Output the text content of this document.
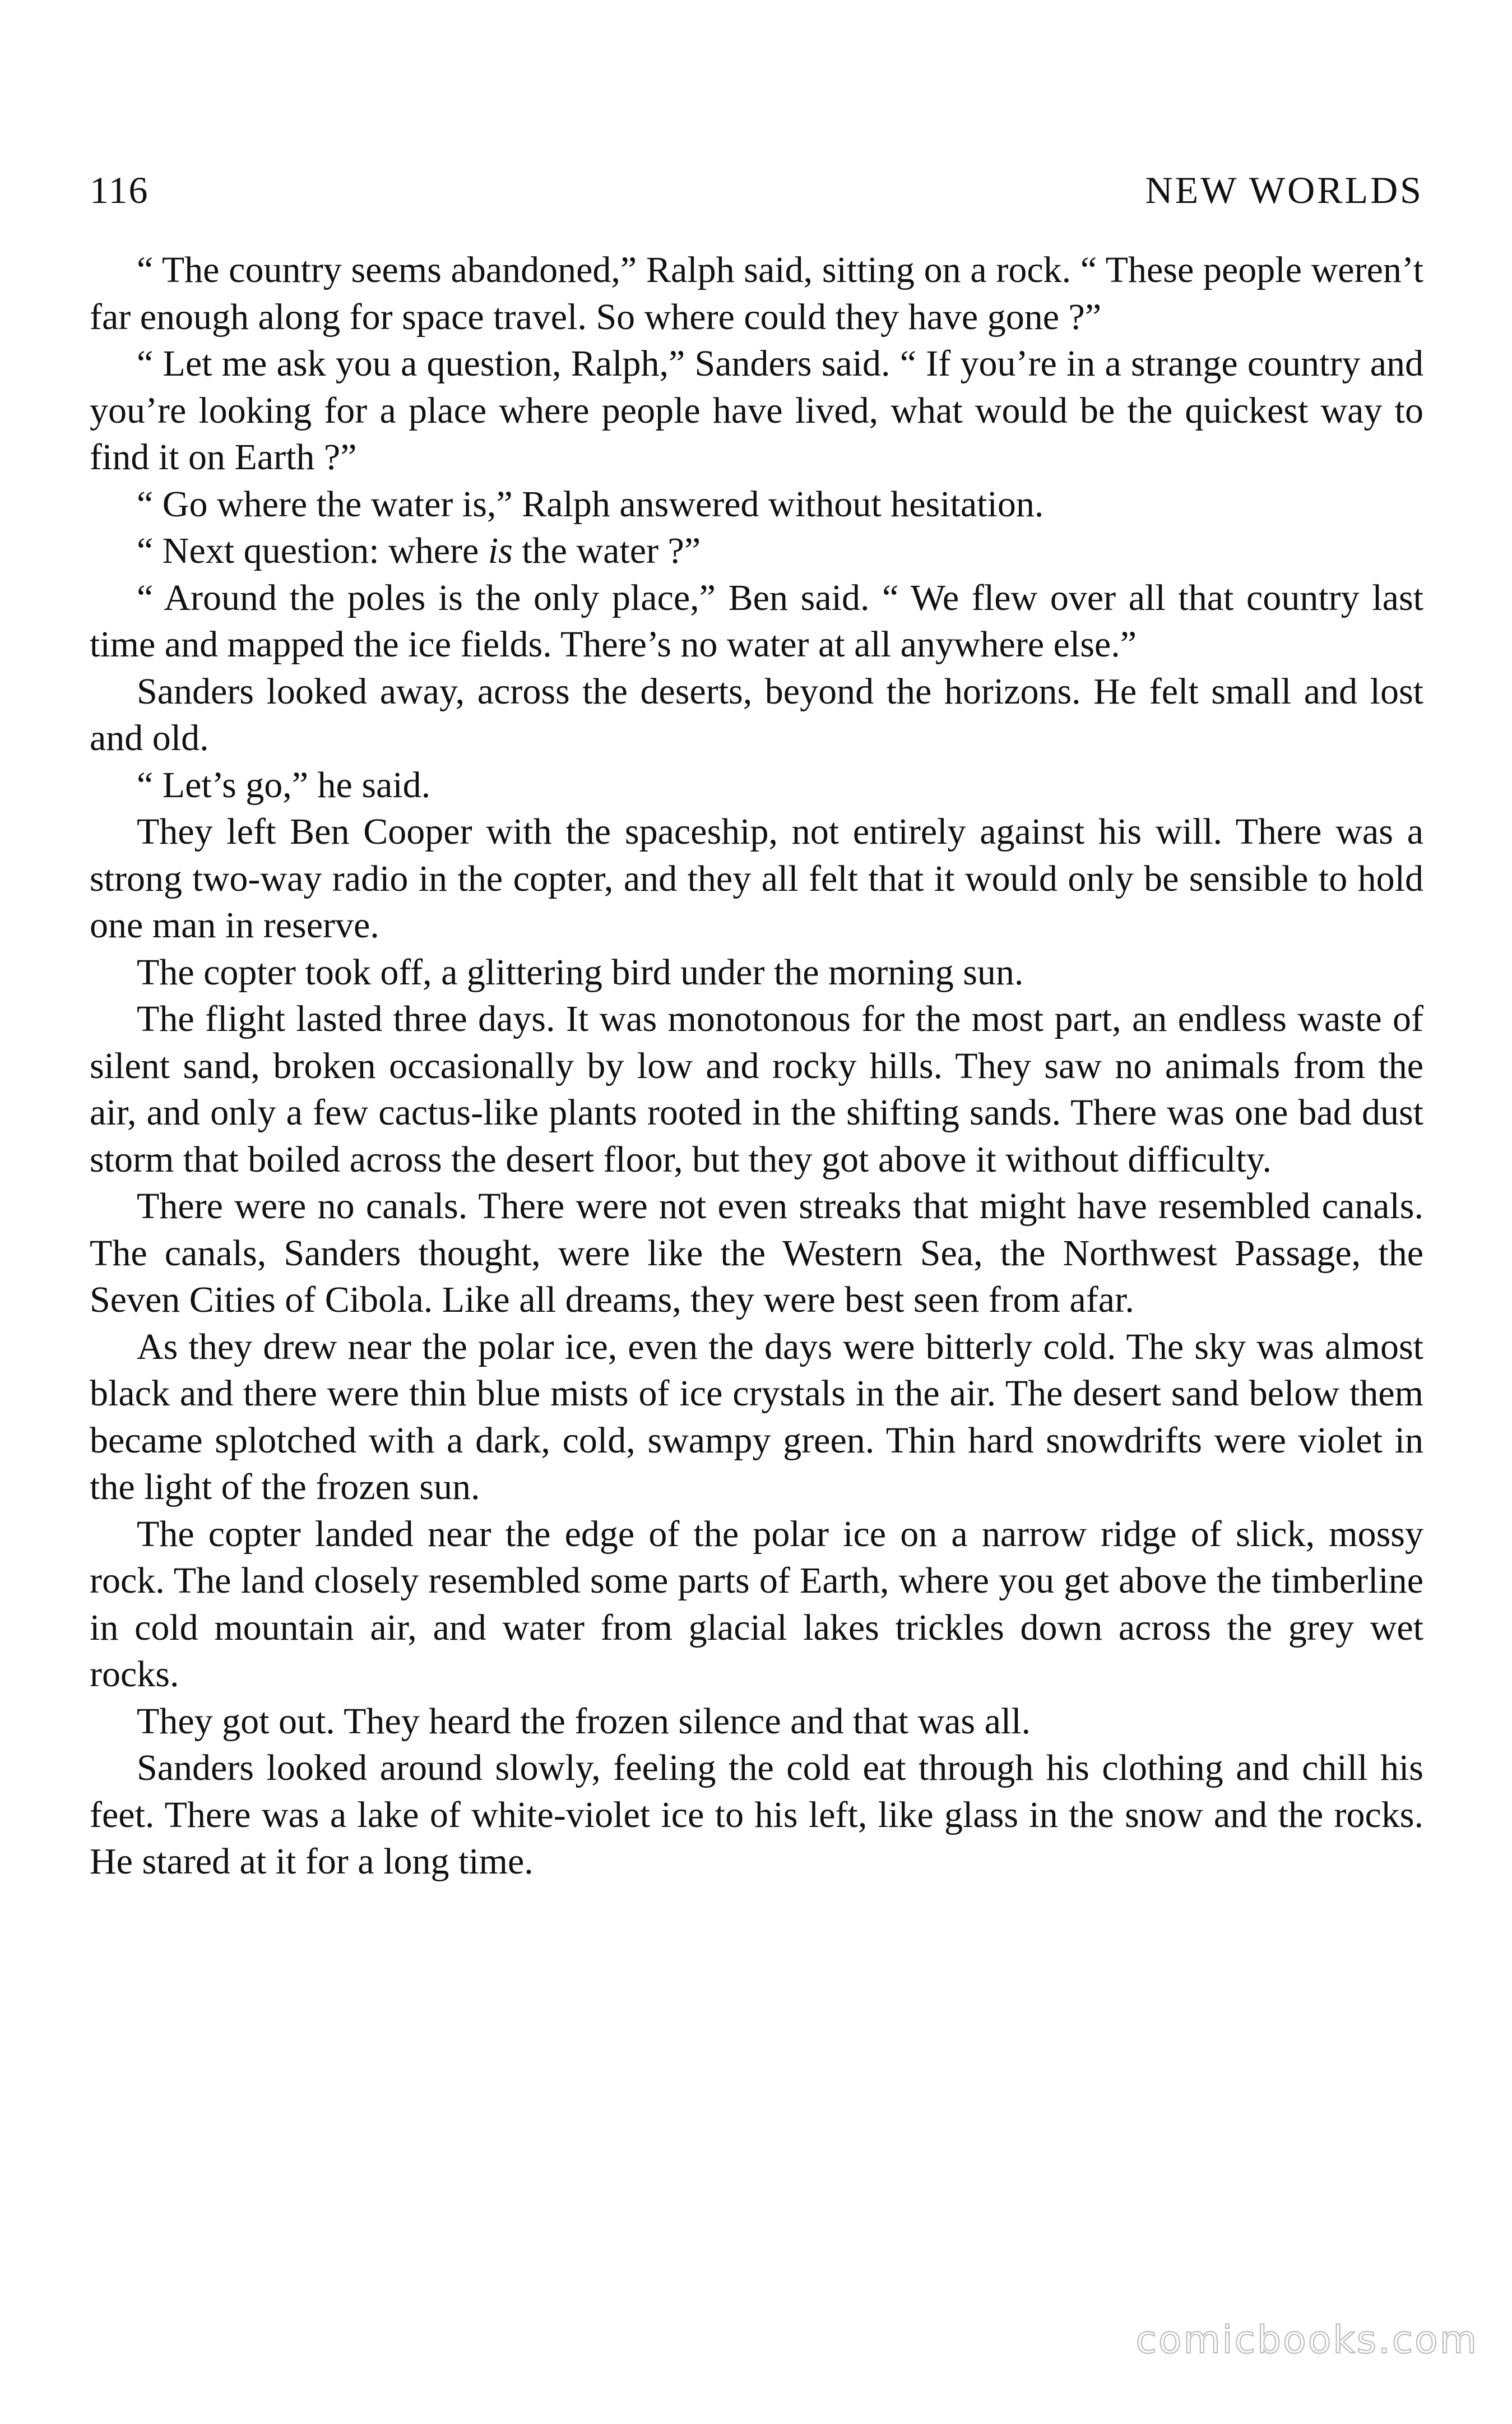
116	NEW WORLDS

“ The country seems abandoned,” Ralph said, sitting on a rock. “ These people weren’t far enough along for space travel. So where could they have gone ?”

“ Let me ask you a question, Ralph,” Sanders said. “ If you’re in a strange country and you’re looking for a place where people have lived, what would be the quickest way to find it on Earth ?”

“ Go where the water is,” Ralph answered without hesitation.

“ Next question: where is the water ?”

“ Around the poles is the only place,” Ben said. “ We flew over all that country last time and mapped the ice fields. There’s no water at all anywhere else.”

Sanders looked away, across the deserts, beyond the horizons. He felt small and lost and old.

“ Let’s go,” he said.

They left Ben Cooper with the spaceship, not entirely against his will. There was a strong two-way radio in the copter, and they all felt that it would only be sensible to hold one man in reserve.

The copter took off, a glittering bird under the morning sun.

The flight lasted three days. It was monotonous for the most part, an endless waste of silent sand, broken occasionally by low and rocky hills. They saw no animals from the air, and only a few cactus-like plants rooted in the shifting sands. There was one bad dust storm that boiled across the desert floor, but they got above it without difficulty.

There were no canals. There were not even streaks that might have resembled canals. The canals, Sanders thought, were like the Western Sea, the Northwest Passage, the Seven Cities of Cibola. Like all dreams, they were best seen from afar.

As they drew near the polar ice, even the days were bitterly cold. The sky was almost black and there were thin blue mists of ice crystals in the air. The desert sand below them became splotched with a dark, cold, swampy green. Thin hard snowdrifts were violet in the light of the frozen sun.

The copter landed near the edge of the polar ice on a narrow ridge of slick, mossy rock. The land closely resembled some parts of Earth, where you get above the timberline in cold mountain air, and water from glacial lakes trickles down across the grey wet rocks.

They got out. They heard the frozen silence and that was all.

Sanders looked around slowly, feeling the cold eat through his clothing and chill his feet. There was a lake of white-violet ice to his left, like glass in the snow and the rocks. He stared at it for a long time.

comicbooks.com
